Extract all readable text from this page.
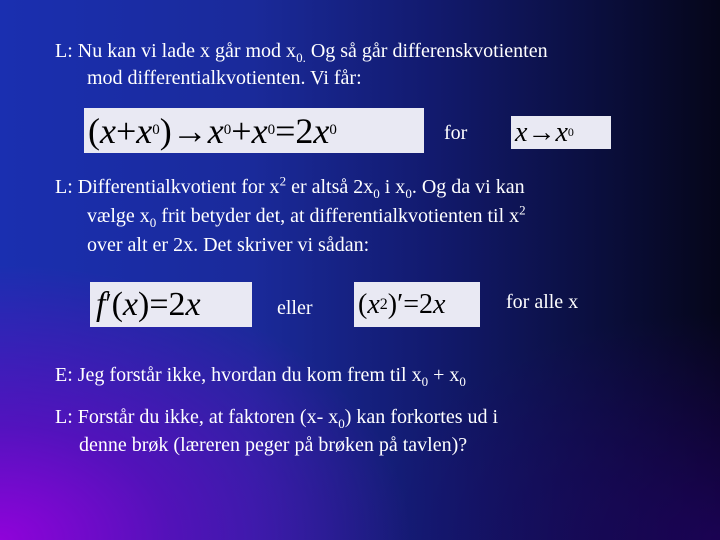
L: Nu kan vi lade x går mod $x_{0.}$ Og så går differenskvotienten
mod differentialkvotienten. Vi får:
( x + x 0 ) → x 0 + x 0 = 2 x 0	for x → x 0
L: Differentialkvotient for $x^2$ er altså $2x_0$ i $x_0$. Og da vi kan
vælge $x_0$ frit betyder det, at differentialkvotienten til $x^2$
over alt er 2x. Det skriver vi sådan:
f ′ ( x ) = 2 x	eller ( x 2 )′ = 2 x	for alle x
E: Jeg forstår ikke, hvordan du kom frem til $x_0 + x_0$
L: Forstår du ikke, at faktoren (x- $x_0$) kan forkortes ud i
denne brøk (læreren peger på brøken på tavlen)?
